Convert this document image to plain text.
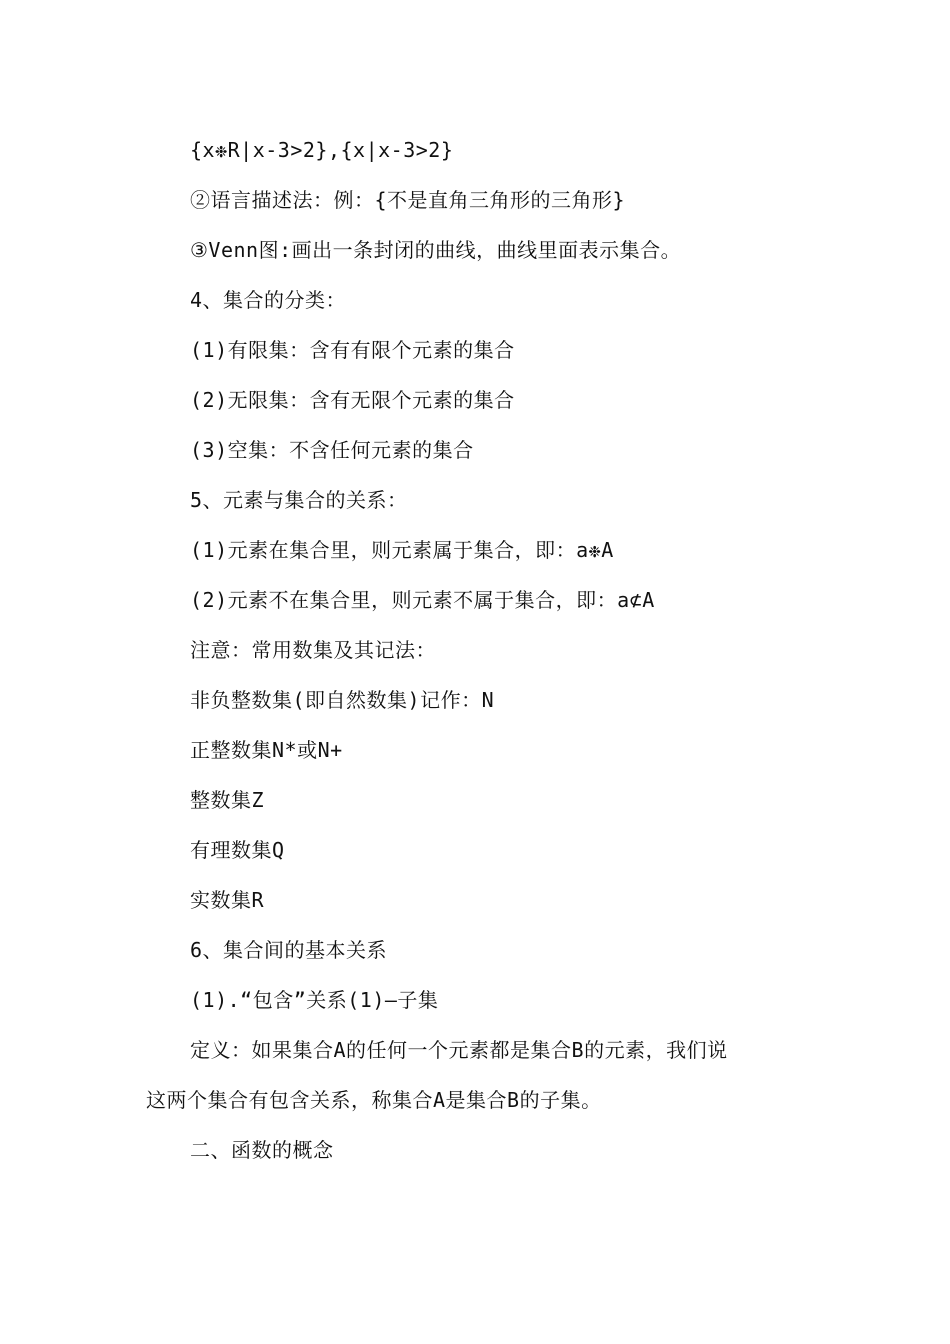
{x❉R|x-3>2},{x|x-3>2}
②语言描述法：例：{不是直角三角形的三角形}
③Venn图:画出一条封闭的曲线，曲线里面表示集合。
4、集合的分类：
(1)有限集：含有有限个元素的集合
(2)无限集：含有无限个元素的集合
(3)空集：不含任何元素的集合
5、元素与集合的关系：
(1)元素在集合里，则元素属于集合，即：a❉A
(2)元素不在集合里，则元素不属于集合，即：a⊄A
注意：常用数集及其记法：
非负整数集(即自然数集)记作：N
正整数集N*或N+
整数集Z
有理数集Q
实数集R
6、集合间的基本关系
(1).“包含”关系(1)—子集
定义：如果集合A的任何一个元素都是集合B的元素，我们说
这两个集合有包含关系，称集合A是集合B的子集。
二、函数的概念
